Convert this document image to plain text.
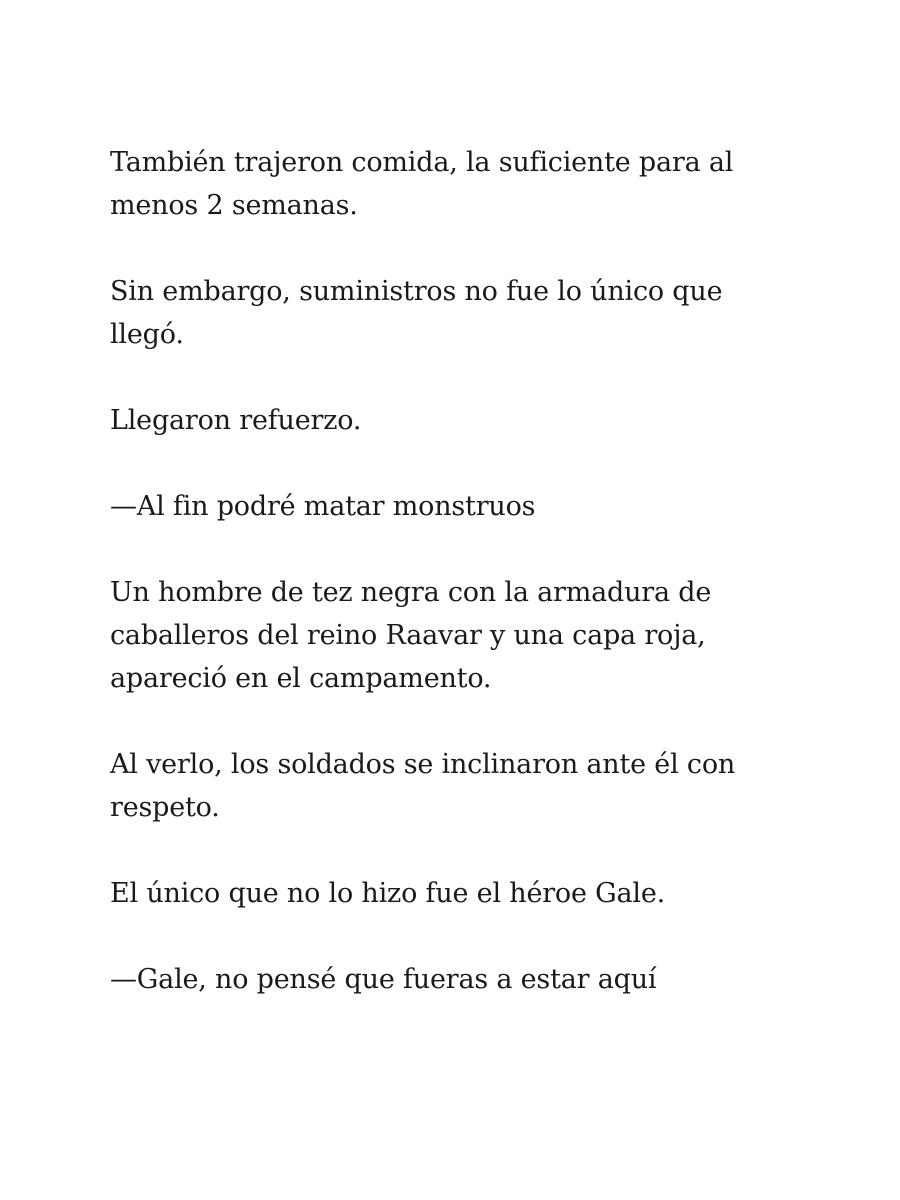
También trajeron comida, la suficiente para al menos 2 semanas.

Sin embargo, suministros no fue lo único que llegó.

Llegaron refuerzo.

—Al fin podré matar monstruos

Un hombre de tez negra con la armadura de caballeros del reino Raavar y una capa roja, apareció en el campamento.

Al verlo, los soldados se inclinaron ante él con respeto.

El único que no lo hizo fue el héroe Gale.

—Gale, no pensé que fueras a estar aquí
